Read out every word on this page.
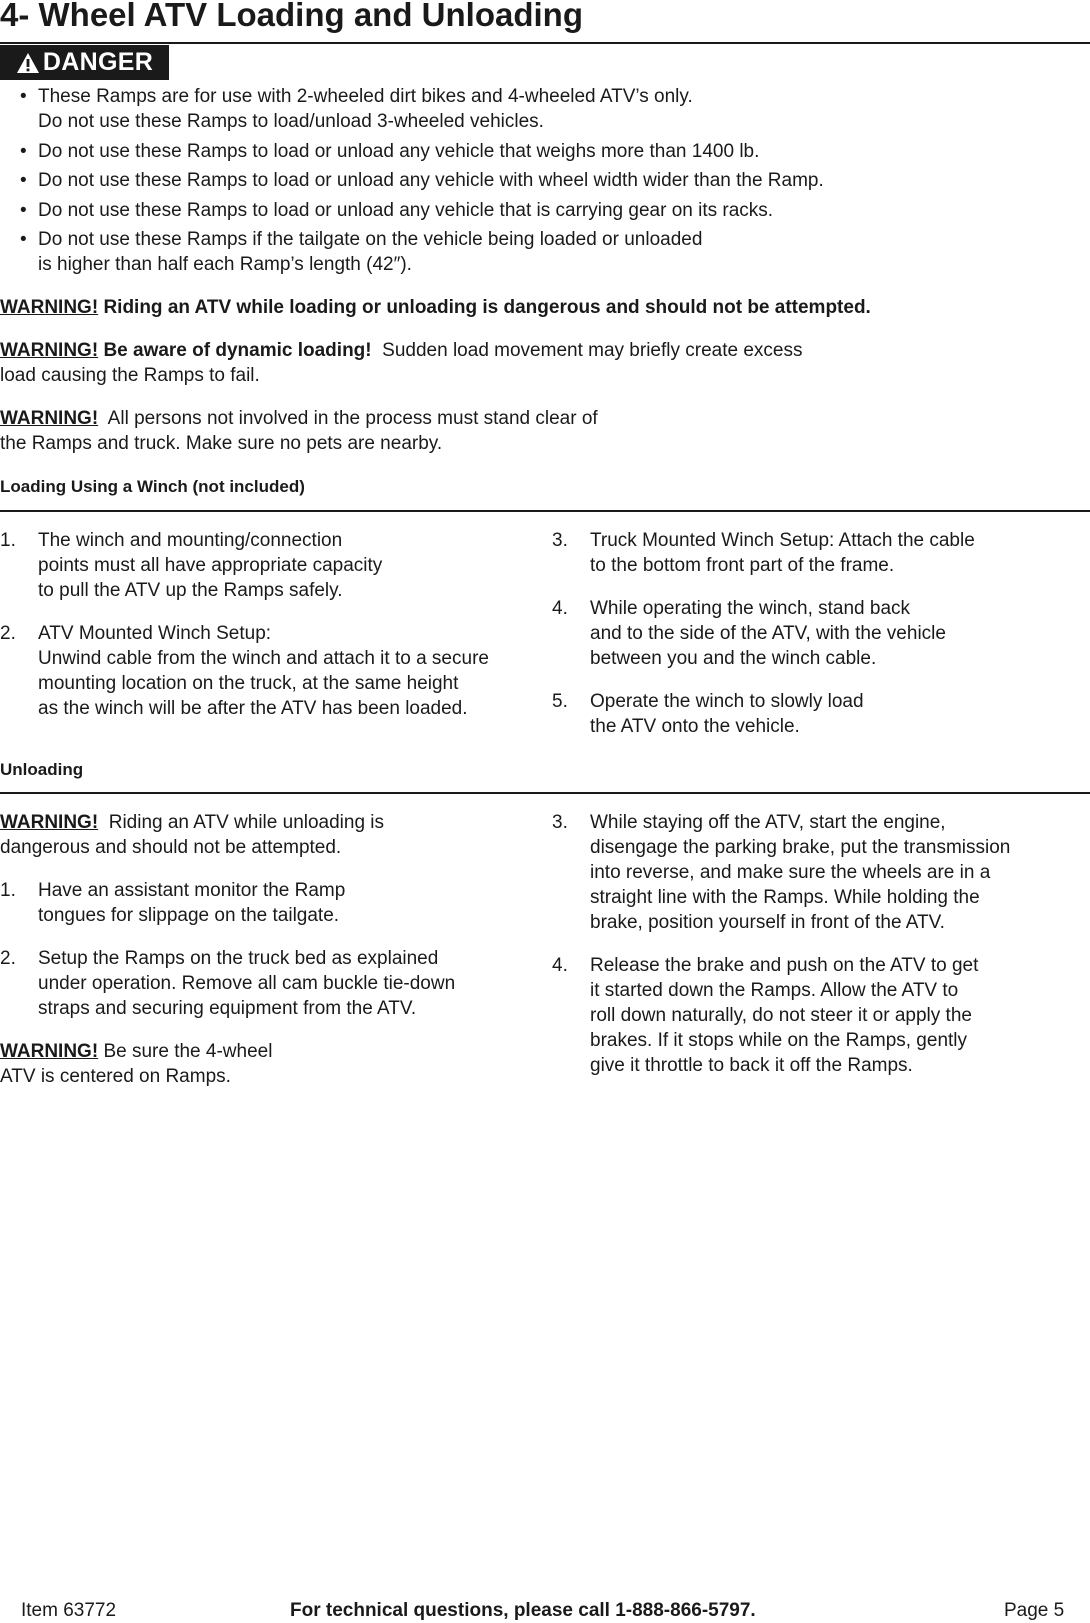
4- Wheel ATV Loading and Unloading
DANGER
• These Ramps are for use with 2-wheeled dirt bikes and 4-wheeled ATV’s only.
Do not use these Ramps to load/unload 3-wheeled vehicles.
• Do not use these Ramps to load or unload any vehicle that weighs more than 1400 lb.
• Do not use these Ramps to load or unload any vehicle with wheel width wider than the Ramp.
• Do not use these Ramps to load or unload any vehicle that is carrying gear on its racks.
• Do not use these Ramps if the tailgate on the vehicle being loaded or unloaded
is higher than half each Ramp’s length (42″).
WARNING! Riding an ATV while loading or unloading is dangerous and should not be attempted.
WARNING! Be aware of dynamic loading! Sudden load movement may briefly create excess
load causing the Ramps to fail.
WARNING! All persons not involved in the process must stand clear of
the Ramps and truck. Make sure no pets are nearby.
Loading Using a Winch (not included)
1. The winch and mounting/connection
points must all have appropriate capacity
to pull the ATV up the Ramps safely.
2. ATV Mounted Winch Setup:
Unwind cable from the winch and attach it to a secure
mounting location on the truck, at the same height
as the winch will be after the ATV has been loaded.
3. Truck Mounted Winch Setup: Attach the cable
to the bottom front part of the frame.
4. While operating the winch, stand back
and to the side of the ATV, with the vehicle
between you and the winch cable.
5. Operate the winch to slowly load
the ATV onto the vehicle.
Unloading
WARNING! Riding an ATV while unloading is
dangerous and should not be attempted.
1. Have an assistant monitor the Ramp
tongues for slippage on the tailgate.
2. Setup the Ramps on the truck bed as explained
under operation. Remove all cam buckle tie-down
straps and securing equipment from the ATV.
WARNING! Be sure the 4-wheel
ATV is centered on Ramps.
3. While staying off the ATV, start the engine,
disengage the parking brake, put the transmission
into reverse, and make sure the wheels are in a
straight line with the Ramps. While holding the
brake, position yourself in front of the ATV.
4. Release the brake and push on the ATV to get
it started down the Ramps. Allow the ATV to
roll down naturally, do not steer it or apply the
brakes. If it stops while on the Ramps, gently
give it throttle to back it off the Ramps.
Item 63772	For technical questions, please call 1-888-866-5797.	Page 5
